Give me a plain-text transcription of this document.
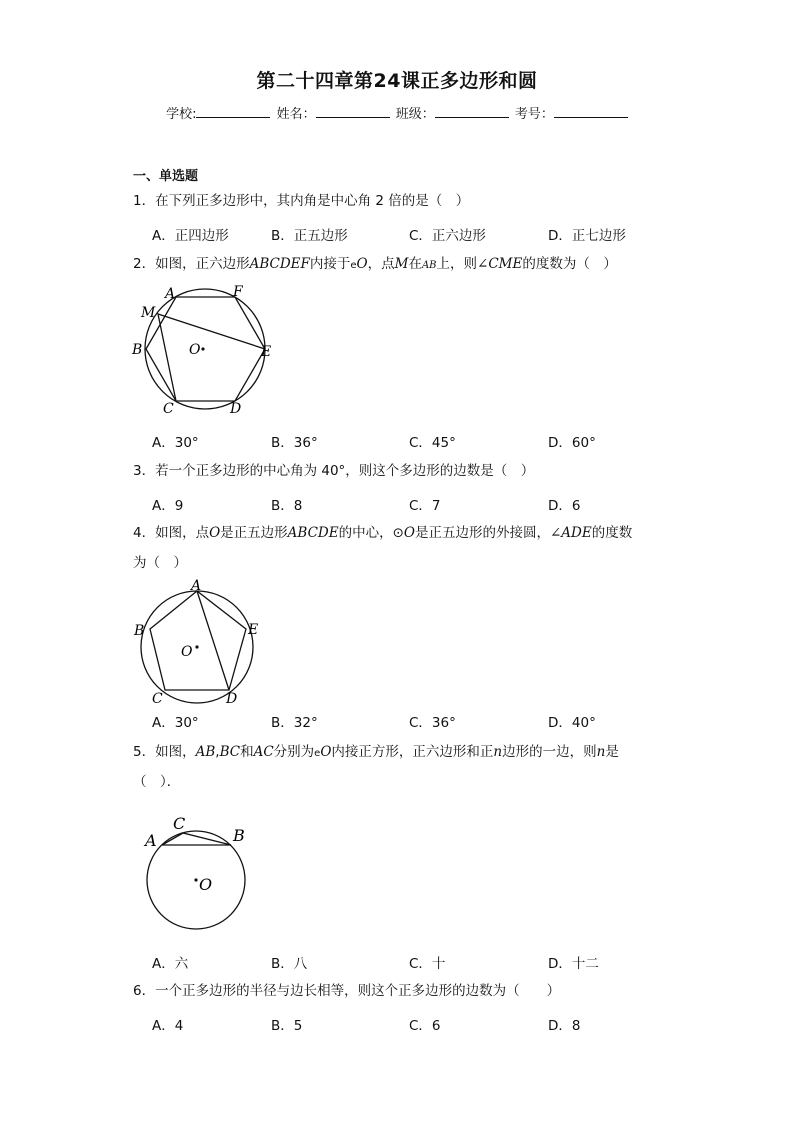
第二十四章第24课正多边形和圆
学校:	姓名：	班级：	考号：
一、单选题
1．在下列正多边形中，其内角是中心角 2 倍的是（　）
A．正四边形	B．正五边形	C．正六边形	D．正七边形
2．如图，正六边形ABCDEF内接于eO，点M在AB上，则∠CME的度数为（　）
A	F
M
B	O	E
C	D
A．30°	B．36°	C．45°	D．60°
3．若一个正多边形的中心角为 40°，则这个多边形的边数是（　）
A．9	B．8	C．7	D．6
4．如图，点O是正五边形ABCDE的中心，⊙O是正五边形的外接圆，∠ADE的度数
为（　）
A
B	E
O
C	D
A．30°	B．32°	C．36°	D．40°
5．如图，AB,BC和AC分别为eO内接正方形，正六边形和正n边形的一边，则n是
（　）．
C
A	B
O
A．六	B．八	C．十	D．十二
6．一个正多边形的半径与边长相等，则这个正多边形的边数为（　　）
A．4	B．5	C．6	D．8
